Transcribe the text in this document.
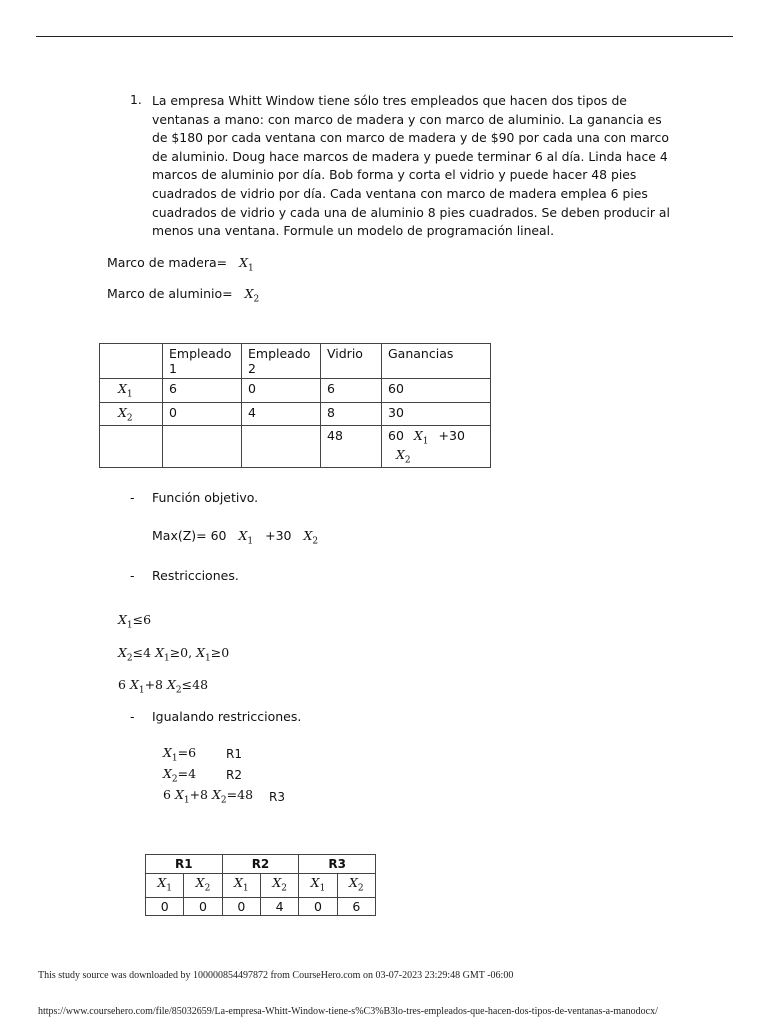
1. La empresa Whitt Window tiene sólo tres empleados que hacen dos tipos de ventanas a mano: con marco de madera y con marco de aluminio. La ganancia es de $180 por cada ventana con marco de madera y de $90 por cada una con marco de aluminio. Doug hace marcos de madera y puede terminar 6 al día. Linda hace 4 marcos de aluminio por día. Bob forma y corta el vidrio y puede hacer 48 pies cuadrados de vidrio por día. Cada ventana con marco de madera emplea 6 pies cuadrados de vidrio y cada una de aluminio 8 pies cuadrados. Se deben producir al menos una ventana. Formule un modelo de programación lineal.
Marco de madera= $X_1$
Marco de aluminio= $X_2$
	Empleado 1	Empleado 2	Vidrio	Ganancias
$X_1$	6	0	6	60
$X_2$	0	4	8	30
			48	60 $X_1 +30$
$X_2$
- Función objetivo.
Max(Z)= 60 $X_1 +30$ $X_2$
- Restricciones.
$X_1\le 6$
$X_2\le 4$ $X_1\ge 0$, $X_1\ge 0$
6 $X_1+8$ $X_2\le 48$
- Igualando restricciones.
$X_1=6$ R1
$X_2=4$ R2
6 $X_1+8$ $X_2=48$ R3
R1		R2		R3	
$X_1$	$X_2$	$X_1$	$X_2$	$X_1$	$X_2$
0	0	0	4	0	6
This study source was downloaded by 100000854497872 from CourseHero.com on 03-07-2023 23:29:48 GMT -06:00
https://www.coursehero.com/file/85032659/La-empresa-Whitt-Window-tiene-s%C3%B3lo-tres-empleados-que-hacen-dos-tipos-de-ventanas-a-manodocx/
